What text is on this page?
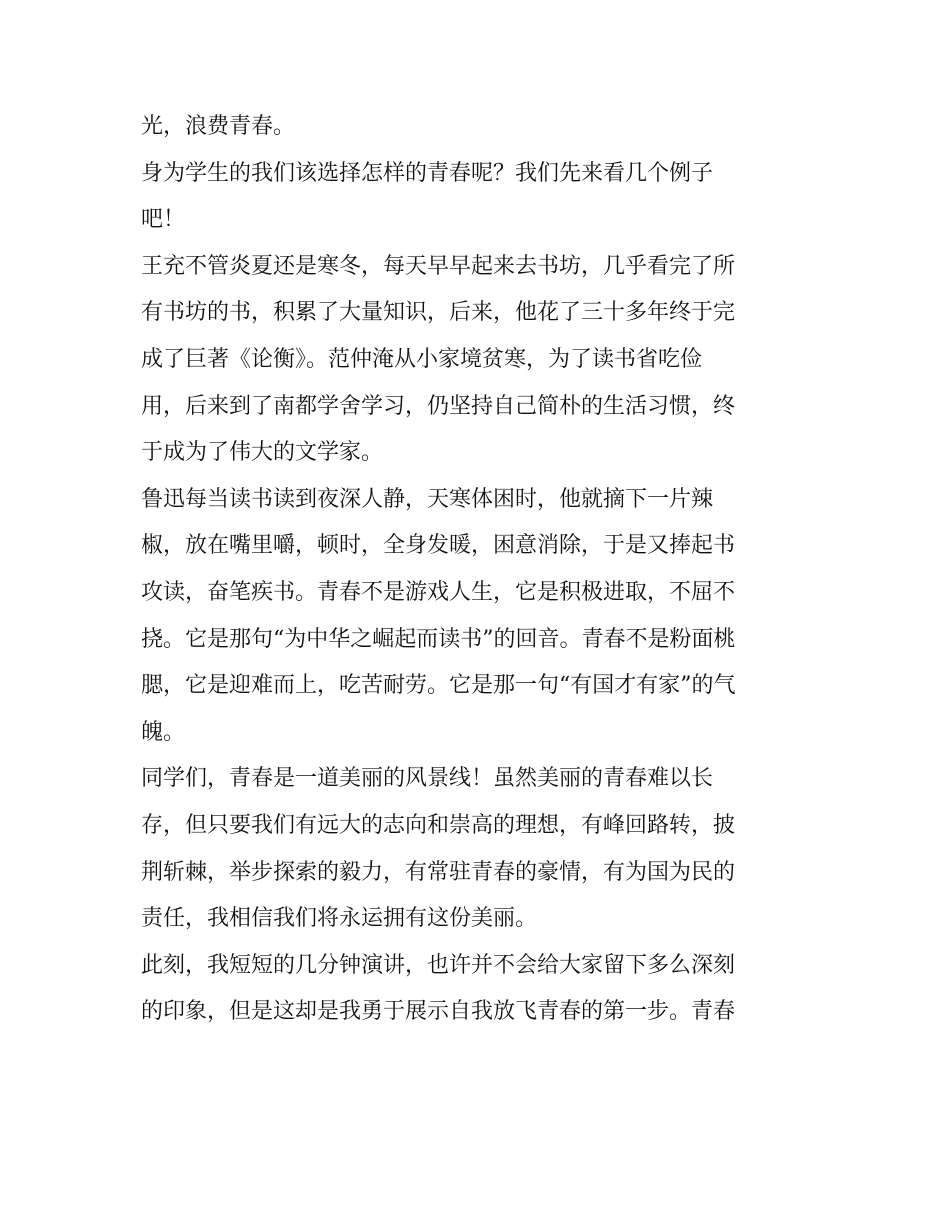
光，浪费青春。
身为学生的我们该选择怎样的青春呢？我们先来看几个例子
吧！
王充不管炎夏还是寒冬，每天早早起来去书坊，几乎看完了所
有书坊的书，积累了大量知识，后来，他花了三十多年终于完
成了巨著《论衡》。范仲淹从小家境贫寒，为了读书省吃俭
用，后来到了南都学舍学习，仍坚持自己简朴的生活习惯，终
于成为了伟大的文学家。
鲁迅每当读书读到夜深人静，天寒体困时，他就摘下一片辣
椒，放在嘴里嚼，顿时，全身发暖，困意消除，于是又捧起书
攻读，奋笔疾书。青春不是游戏人生，它是积极进取，不屈不
挠。它是那句“为中华之崛起而读书”的回音。青春不是粉面桃
腮，它是迎难而上，吃苦耐劳。它是那一句“有国才有家”的气
魄。
同学们，青春是一道美丽的风景线！虽然美丽的青春难以长
存，但只要我们有远大的志向和崇高的理想，有峰回路转，披
荆斩棘，举步探索的毅力，有常驻青春的豪情，有为国为民的
责任，我相信我们将永运拥有这份美丽。
此刻，我短短的几分钟演讲，也许并不会给大家留下多么深刻
的印象，但是这却是我勇于展示自我放飞青春的第一步。青春
